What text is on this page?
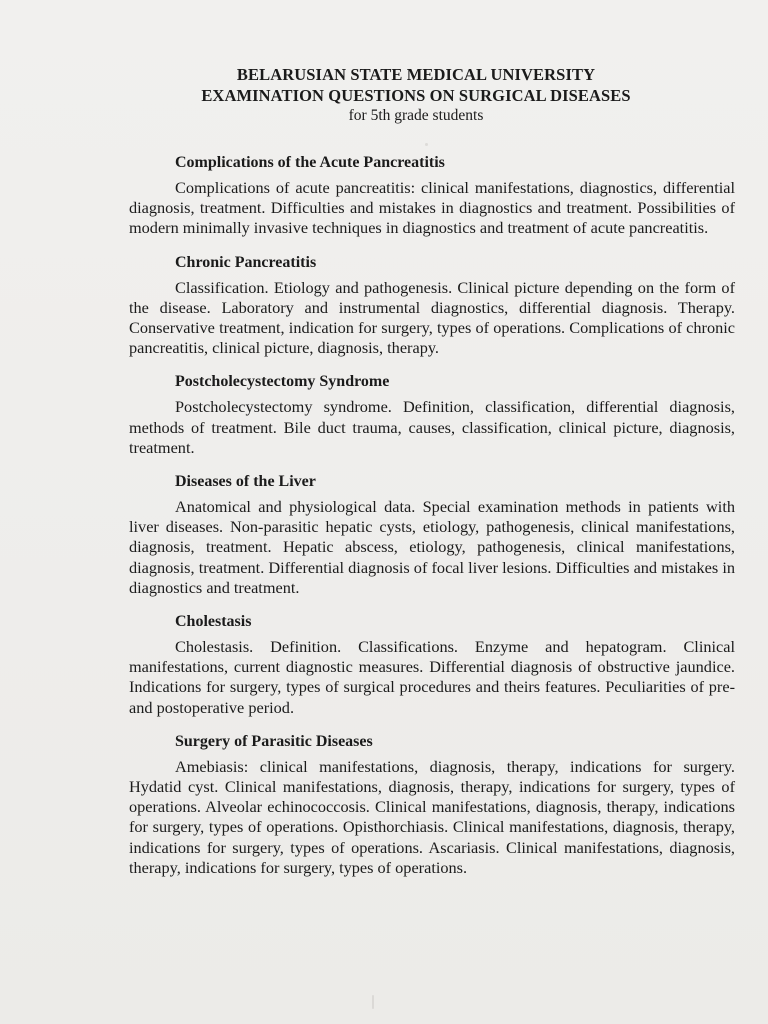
BELARUSIAN STATE MEDICAL UNIVERSITY
EXAMINATION QUESTIONS ON SURGICAL DISEASES
for 5th grade students
Complications of the Acute Pancreatitis

Complications of acute pancreatitis: clinical manifestations, diagnostics, differential diagnosis, treatment. Difficulties and mistakes in diagnostics and treatment. Possibilities of modern minimally invasive techniques in diagnostics and treatment of acute pancreatitis.

Chronic Pancreatitis

Classification. Etiology and pathogenesis. Clinical picture depending on the form of the disease. Laboratory and instrumental diagnostics, differential diagnosis. Therapy. Conservative treatment, indication for surgery, types of operations. Complications of chronic pancreatitis, clinical picture, diagnosis, therapy.

Postcholecystectomy Syndrome

Postcholecystectomy syndrome. Definition, classification, differential diagnosis, methods of treatment. Bile duct trauma, causes, classification, clinical picture, diagnosis, treatment.

Diseases of the Liver

Anatomical and physiological data. Special examination methods in patients with liver diseases. Non-parasitic hepatic cysts, etiology, pathogenesis, clinical manifestations, diagnosis, treatment. Hepatic abscess, etiology, pathogenesis, clinical manifestations, diagnosis, treatment. Differential diagnosis of focal liver lesions. Difficulties and mistakes in diagnostics and treatment.

Cholestasis

Cholestasis. Definition. Classifications. Enzyme and hepatogram. Clinical manifestations, current diagnostic measures. Differential diagnosis of obstructive jaundice. Indications for surgery, types of surgical procedures and theirs features. Peculiarities of pre- and postoperative period.

Surgery of Parasitic Diseases

Amebiasis: clinical manifestations, diagnosis, therapy, indications for surgery. Hydatid cyst. Clinical manifestations, diagnosis, therapy, indications for surgery, types of operations. Alveolar echinococcosis. Clinical manifestations, diagnosis, therapy, indications for surgery, types of operations. Opisthorchiasis. Clinical manifestations, diagnosis, therapy, indications for surgery, types of operations. Ascariasis. Clinical manifestations, diagnosis, therapy, indications for surgery, types of operations.
